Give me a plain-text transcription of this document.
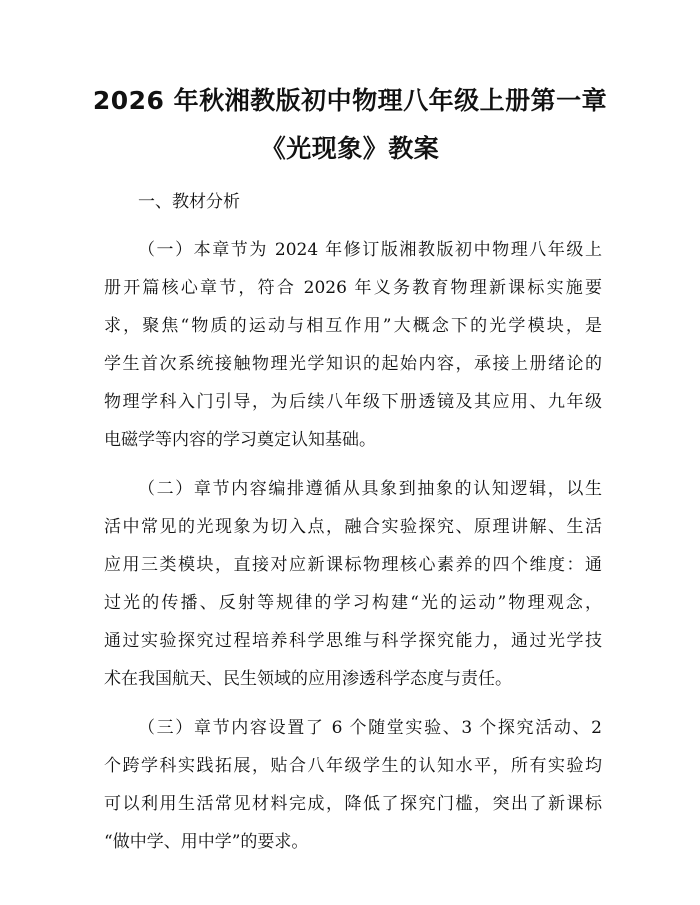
2026 年秋湘教版初中物理八年级上册第一章
《光现象》教案
一、教材分析
（一）本章节为 2024 年修订版湘教版初中物理八年级上
册开篇核心章节，符合 2026 年义务教育物理新课标实施要
求，聚焦“物质的运动与相互作用”大概念下的光学模块，是
学生首次系统接触物理光学知识的起始内容，承接上册绪论的
物理学科入门引导，为后续八年级下册透镜及其应用、九年级
电磁学等内容的学习奠定认知基础。
（二）章节内容编排遵循从具象到抽象的认知逻辑，以生
活中常见的光现象为切入点，融合实验探究、原理讲解、生活
应用三类模块，直接对应新课标物理核心素养的四个维度：通
过光的传播、反射等规律的学习构建“光的运动”物理观念，
通过实验探究过程培养科学思维与科学探究能力，通过光学技
术在我国航天、民生领域的应用渗透科学态度与责任。
（三）章节内容设置了 6 个随堂实验、3 个探究活动、2
个跨学科实践拓展，贴合八年级学生的认知水平，所有实验均
可以利用生活常见材料完成，降低了探究门槛，突出了新课标
“做中学、用中学”的要求。
